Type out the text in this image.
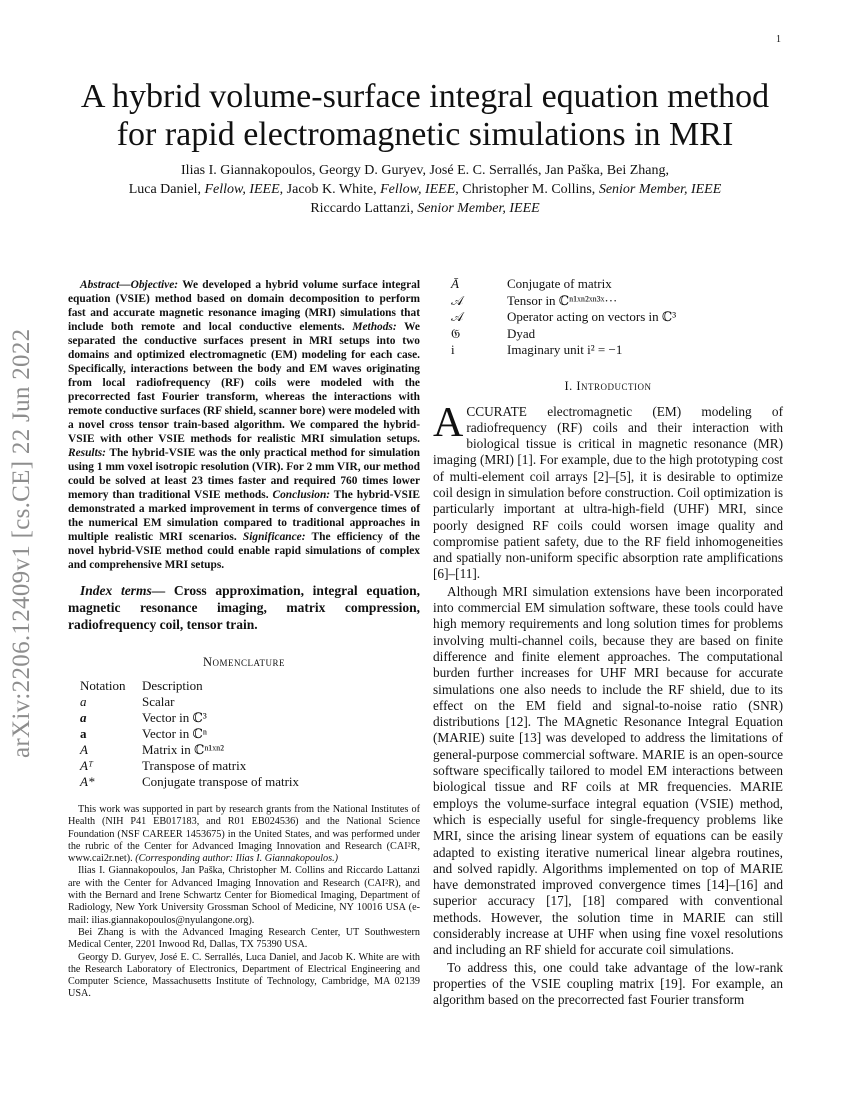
1
arXiv:2206.12409v1 [cs.CE] 22 Jun 2022
A hybrid volume-surface integral equation method for rapid electromagnetic simulations in MRI
Ilias I. Giannakopoulos, Georgy D. Guryev, José E. C. Serrallés, Jan Paška, Bei Zhang,
Luca Daniel, Fellow, IEEE, Jacob K. White, Fellow, IEEE, Christopher M. Collins, Senior Member, IEEE
Riccardo Lattanzi, Senior Member, IEEE

Abstract—Objective: We developed a hybrid volume surface integral equation (VSIE) method based on domain decomposition to perform fast and accurate magnetic resonance imaging (MRI) simulations that include both remote and local conductive elements. Methods: We separated the conductive surfaces present in MRI setups into two domains and optimized electromagnetic (EM) modeling for each case. Specifically, interactions between the body and EM waves originating from local radiofrequency (RF) coils were modeled with the precorrected fast Fourier transform, whereas the interactions with remote conductive surfaces (RF shield, scanner bore) were modeled with a novel cross tensor train-based algorithm. We compared the hybrid-VSIE with other VSIE methods for realistic MRI simulation setups. Results: The hybrid-VSIE was the only practical method for simulation using 1 mm voxel isotropic resolution (VIR). For 2 mm VIR, our method could be solved at least 23 times faster and required 760 times lower memory than traditional VSIE methods. Conclusion: The hybrid-VSIE demonstrated a marked improvement in terms of convergence times of the numerical EM simulation compared to traditional approaches in multiple realistic MRI scenarios. Significance: The efficiency of the novel hybrid-VSIE method could enable rapid simulations of complex and comprehensive MRI setups.

Index terms— Cross approximation, integral equation, magnetic resonance imaging, matrix compression, radiofrequency coil, tensor train.

Nomenclature
Notation	Description
a	Scalar
a	Vector in ℂ³
a	Vector in ℂⁿ
A	Matrix in ℂⁿ¹ˣⁿ²
Aᵀ	Transpose of matrix
A*	Conjugate transpose of matrix

This work was supported in part by research grants from the National Institutes of Health (NIH P41 EB017183, and R01 EB024536) and the National Science Foundation (NSF CAREER 1453675) in the United States, and was performed under the rubric of the Center for Advanced Imaging Innovation and Research (CAI²R, www.cai2r.net). (Corresponding author: Ilias I. Giannakopoulos.)

Ilias I. Giannakopoulos, Jan Paška, Christopher M. Collins and Riccardo Lattanzi are with the Center for Advanced Imaging Innovation and Research (CAI²R), and with the Bernard and Irene Schwartz Center for Biomedical Imaging, Department of Radiology, New York University Grossman School of Medicine, NY 10016 USA (e-mail: ilias.giannakopoulos@nyulangone.org).

Bei Zhang is with the Advanced Imaging Research Center, UT Southwestern Medical Center, 2201 Inwood Rd, Dallas, TX 75390 USA.

Georgy D. Guryev, José E. C. Serrallés, Luca Daniel, and Jacob K. White are with the Research Laboratory of Electronics, Department of Electrical Engineering and Computer Science, Massachusetts Institute of Technology, Cambridge, MA 02139 USA.

Ā	Conjugate of matrix
𝒜	Tensor in ℂⁿ¹ˣⁿ²ˣⁿ³ˣ···
𝒜	Operator acting on vectors in ℂ³
𝔊	Dyad
i	Imaginary unit i² = −1
I. Introduction

ACCURATE electromagnetic (EM) modeling of radiofrequency (RF) coils and their interaction with biological tissue is critical in magnetic resonance (MR) imaging (MRI) [1]. For example, due to the high prototyping cost of multi-element coil arrays [2]–[5], it is desirable to optimize coil design in simulation before construction. Coil optimization is particularly important at ultra-high-field (UHF) MRI, since poorly designed RF coils could worsen image quality and compromise patient safety, due to the RF field inhomogeneities and spatially non-uniform specific absorption rate amplifications [6]–[11].

Although MRI simulation extensions have been incorporated into commercial EM simulation software, these tools could have high memory requirements and long solution times for problems involving multi-channel coils, because they are based on finite difference and finite element approaches. The computational burden further increases for UHF MRI because for accurate simulations one also needs to include the RF shield, due to its effect on the EM field and signal-to-noise ratio (SNR) distributions [12]. The MAgnetic Resonance Integral Equation (MARIE) suite [13] was developed to address the limitations of general-purpose commercial software. MARIE is an open-source software specifically tailored to model EM interactions between biological tissue and RF coils at MR frequencies. MARIE employs the volume-surface integral equation (VSIE) method, which is especially useful for single-frequency problems like MRI, since the arising linear system of equations can be easily adapted to existing iterative numerical linear algebra routines, and solved rapidly. Algorithms implemented on top of MARIE have demonstrated improved convergence times [14]–[16] and superior accuracy [17], [18] compared with conventional methods. However, the solution time in MARIE can still considerably increase at UHF when using fine voxel resolutions and including an RF shield for accurate coil simulations.

To address this, one could take advantage of the low-rank properties of the VSIE coupling matrix [19]. For example, an algorithm based on the precorrected fast Fourier transform
